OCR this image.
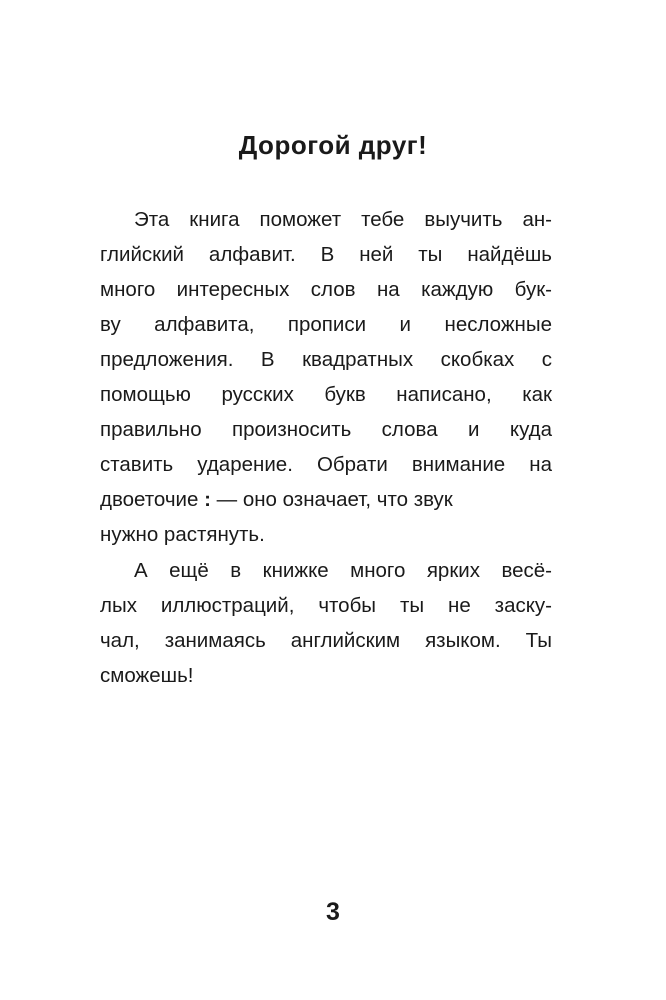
Дорогой друг!
Эта книга поможет тебе выучить ан-
глийский алфавит. В ней ты найдёшь
много интересных слов на каждую бук-
ву алфавита, прописи и несложные
предложения. В квадратных скобках с
помощью русских букв написано, как
правильно произносить слова и куда
ставить ударение. Обрати внимание на
двоеточие : — оно означает, что звук
нужно растянуть.
А ещё в книжке много ярких весё-
лых иллюстраций, чтобы ты не заску-
чал, занимаясь английским языком. Ты
сможешь!
3
